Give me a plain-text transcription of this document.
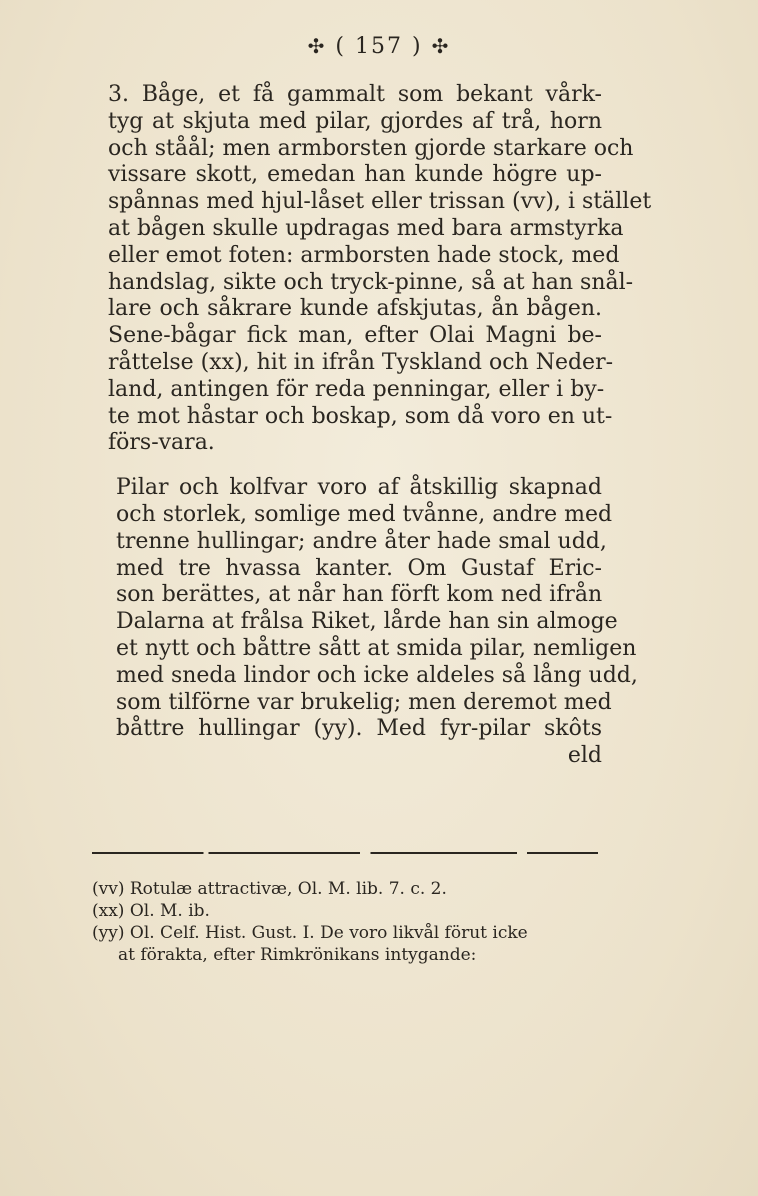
✣ ( 157 ) ✣

3. Båge, et få gammalt som bekant vårk-
tyg at skjuta med pilar, gjordes af trå, horn
och ståål; men armborsten gjorde starkare och
vissare skott, emedan han kunde högre up-
spånnas med hjul-låset eller trissan (vv), i stället
at bågen skulle updragas med bara armstyrka
eller emot foten: armborsten hade stock, med
handslag, sikte och tryck-pinne, så at han snål-
lare och såkrare kunde afskjutas, ån bågen.
Sene-bågar fick man, efter Olai Magni be-
råttelse (xx), hit in ifrån Tyskland och Neder-
land, antingen för reda penningar, eller i by-
te mot håstar och boskap, som då voro en ut-
förs-vara.

Pilar och kolfvar voro af åtskillig skapnad
och storlek, somlige med tvånne, andre med
trenne hullingar; andre åter hade smal udd,
med tre hvassa kanter. Om Gustaf Eric-
son berättes, at når han förft kom ned ifrån
Dalarna at frålsa Riket, lårde han sin almoge
et nytt och båttre sått at smida pilar, nemligen
med sneda lindor och icke aldeles så lång udd,
som tilförne var brukelig; men deremot med
båttre hullingar (yy). Med fyr-pilar skôts
eld

(vv) Rotulæ attractivæ, Ol. M. lib. 7. c. 2.
(xx) Ol. M. ib.
(yy) Ol. Celf. Hist. Gust. I. De voro likvål förut icke
at förakta, efter Rimkrönikans intygande:
